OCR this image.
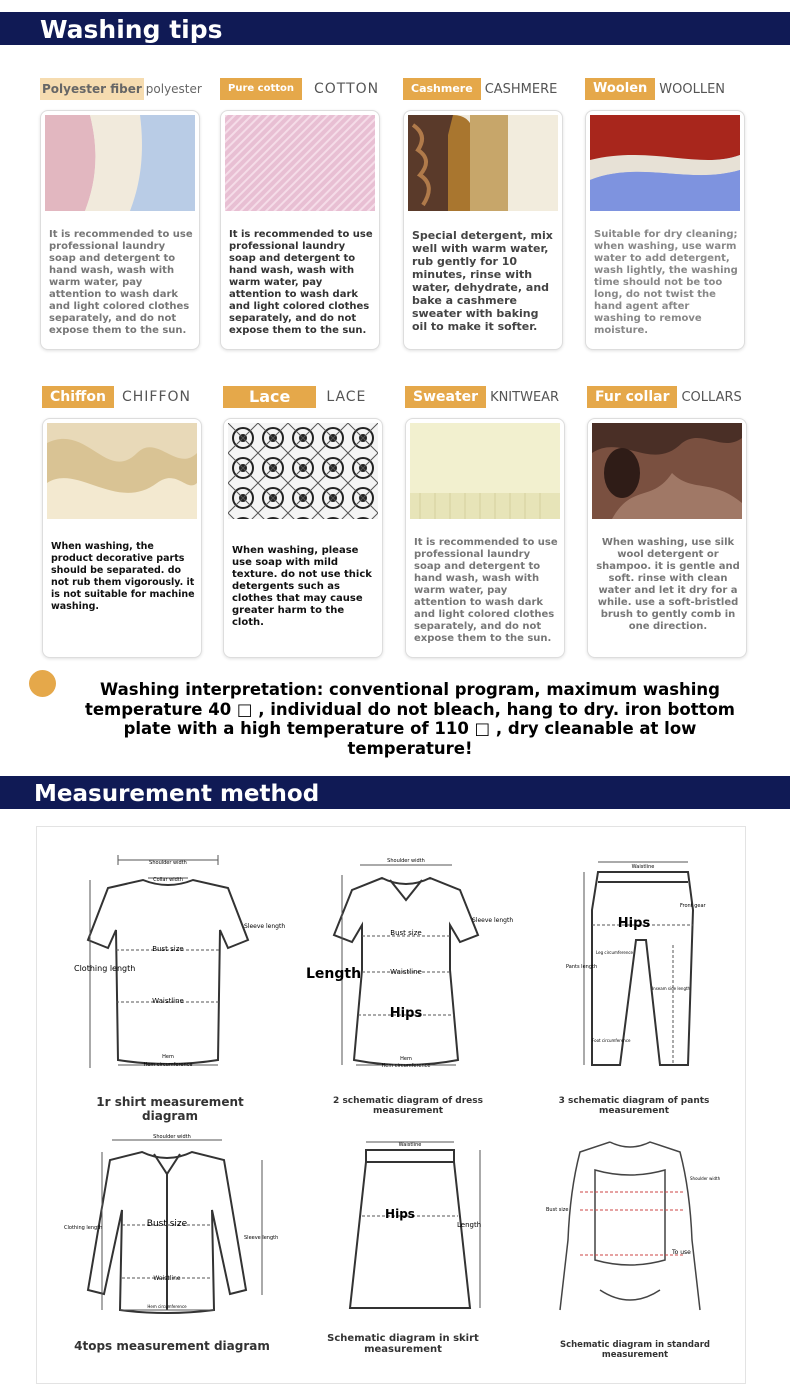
Washing tips
Polyester fiber polyester
It is recommended to use professional laundry soap and detergent to hand wash, wash with warm water, pay attention to wash dark and light colored clothes separately, and do not expose them to the sun.
Pure cotton COTTON
It is recommended to use professional laundry soap and detergent to hand wash, wash with warm water, pay attention to wash dark and light colored clothes separately, and do not expose them to the sun.
Cashmere CASHMERE
Special detergent, mix well with warm water, rub gently for 10 minutes, rinse with water, dehydrate, and bake a cashmere sweater with baking oil to make it softer.
Woolen WOOLLEN
Suitable for dry cleaning; when washing, use warm water to add detergent, wash lightly, the washing time should not be too long, do not twist the hand agent after washing to remove moisture.
Chiffon CHIFFON
When washing, the product decorative parts should be separated. do not rub them vigorously. it is not suitable for machine washing.
Lace	LACE
When washing, please use soap with mild texture. do not use thick detergents such as clothes that may cause greater harm to the cloth.
Sweater KNITWEAR
It is recommended to use professional laundry soap and detergent to hand wash, wash with warm water, pay attention to wash dark and light colored clothes separately, and do not expose them to the sun.
Fur collar COLLARS
When washing, use silk wool detergent or shampoo. it is gentle and soft. rinse with clean water and let it dry for a while. use a soft-bristled brush to gently comb in one direction.
Washing interpretation: conventional program, maximum washing temperature 40 □ , individual do not bleach, hang to dry. iron bottom plate with a high temperature of 110 □ , dry cleanable at low temperature!
Measurement method
Shoulder width
Collar width
Bust size
Sleeve length
Clothing length
Waistline
Hem
Hem circumference
1r shirt measurement diagram
Shoulder width
Bust size
Sleeve length
Length	Waistline
Hips
Hem
Hem circumference
2 schematic diagram of dress measurement
Waistline
Hips
Front gear
Leg circumference
Pants length
Inseam side length
Foot circumference
3 schematic diagram of pants measurement
Shoulder width
Bust size
Sleeve length
Clothing length
Waistline
Hem circumference
4tops measurement diagram
Waistline
Hips
Length
Schematic diagram in skirt measurement
Shoulder width
Bust size
To use
Schematic diagram in standard measurement
